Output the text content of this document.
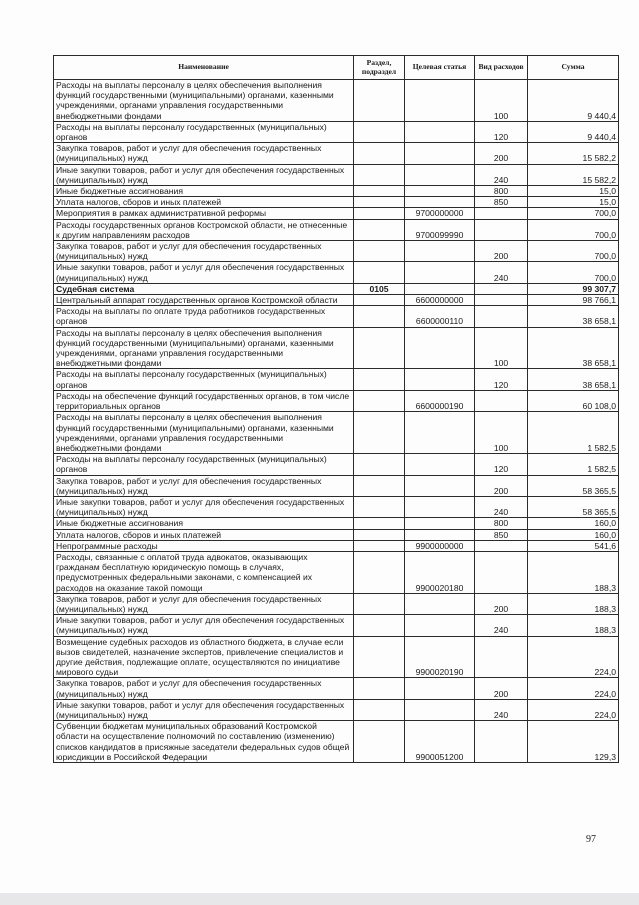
Наименование	Раздел, подраздел	Целевая статья	Вид расходов	Сумма
Расходы на выплаты персоналу в целях обеспечения выполнения функций государственными (муниципальными) органами, казенными учреждениями, органами управления государственными внебюджетными фондами			100	9 440,4
Расходы на выплаты персоналу государственных (муниципальных) органов			120	9 440,4
Закупка товаров, работ и услуг для обеспечения государственных (муниципальных) нужд			200	15 582,2
Иные закупки товаров, работ и услуг для обеспечения государственных (муниципальных) нужд			240	15 582,2
Иные бюджетные ассигнования			800	15,0
Уплата налогов, сборов и иных платежей			850	15,0
Мероприятия в рамках административной реформы		9700000000		700,0
Расходы государственных органов Костромской области, не отнесенные к другим направлениям расходов		9700099990		700,0
Закупка товаров, работ и услуг для обеспечения государственных (муниципальных) нужд			200	700,0
Иные закупки товаров, работ и услуг для обеспечения государственных (муниципальных) нужд			240	700,0
Судебная система	0105			99 307,7
Центральный аппарат государственных органов Костромской области		6600000000		98 766,1
Расходы на выплаты по оплате труда работников государственных органов		6600000110		38 658,1
Расходы на выплаты персоналу в целях обеспечения выполнения функций государственными (муниципальными) органами, казенными учреждениями, органами управления государственными внебюджетными фондами			100	38 658,1
Расходы на выплаты персоналу государственных (муниципальных) органов			120	38 658,1
Расходы на обеспечение функций государственных органов, в том числе территориальных органов		6600000190		60 108,0
Расходы на выплаты персоналу в целях обеспечения выполнения функций государственными (муниципальными) органами, казенными учреждениями, органами управления государственными внебюджетными фондами			100	1 582,5
Расходы на выплаты персоналу государственных (муниципальных) органов			120	1 582,5
Закупка товаров, работ и услуг для обеспечения государственных (муниципальных) нужд			200	58 365,5
Иные закупки товаров, работ и услуг для обеспечения государственных (муниципальных) нужд			240	58 365,5
Иные бюджетные ассигнования			800	160,0
Уплата налогов, сборов и иных платежей			850	160,0
Непрограммные расходы		9900000000		541,6
Расходы, связанные с оплатой труда адвокатов, оказывающих гражданам бесплатную юридическую помощь в случаях, предусмотренных федеральными законами, с компенсацией их расходов на оказание такой помощи		9900020180		188,3
Закупка товаров, работ и услуг для обеспечения государственных (муниципальных) нужд			200	188,3
Иные закупки товаров, работ и услуг для обеспечения государственных (муниципальных) нужд			240	188,3
Возмещение судебных расходов из областного бюджета, в случае если вызов свидетелей, назначение экспертов, привлечение специалистов и другие действия, подлежащие оплате, осуществляются по инициативе мирового судьи		9900020190		224,0
Закупка товаров, работ и услуг для обеспечения государственных (муниципальных) нужд			200	224,0
Иные закупки товаров, работ и услуг для обеспечения государственных (муниципальных) нужд			240	224,0
Субвенции бюджетам муниципальных образований Костромской области на осуществление полномочий по составлению (изменению) списков кандидатов в присяжные заседатели федеральных судов общей юрисдикции в Российской Федерации		9900051200		129,3
97
